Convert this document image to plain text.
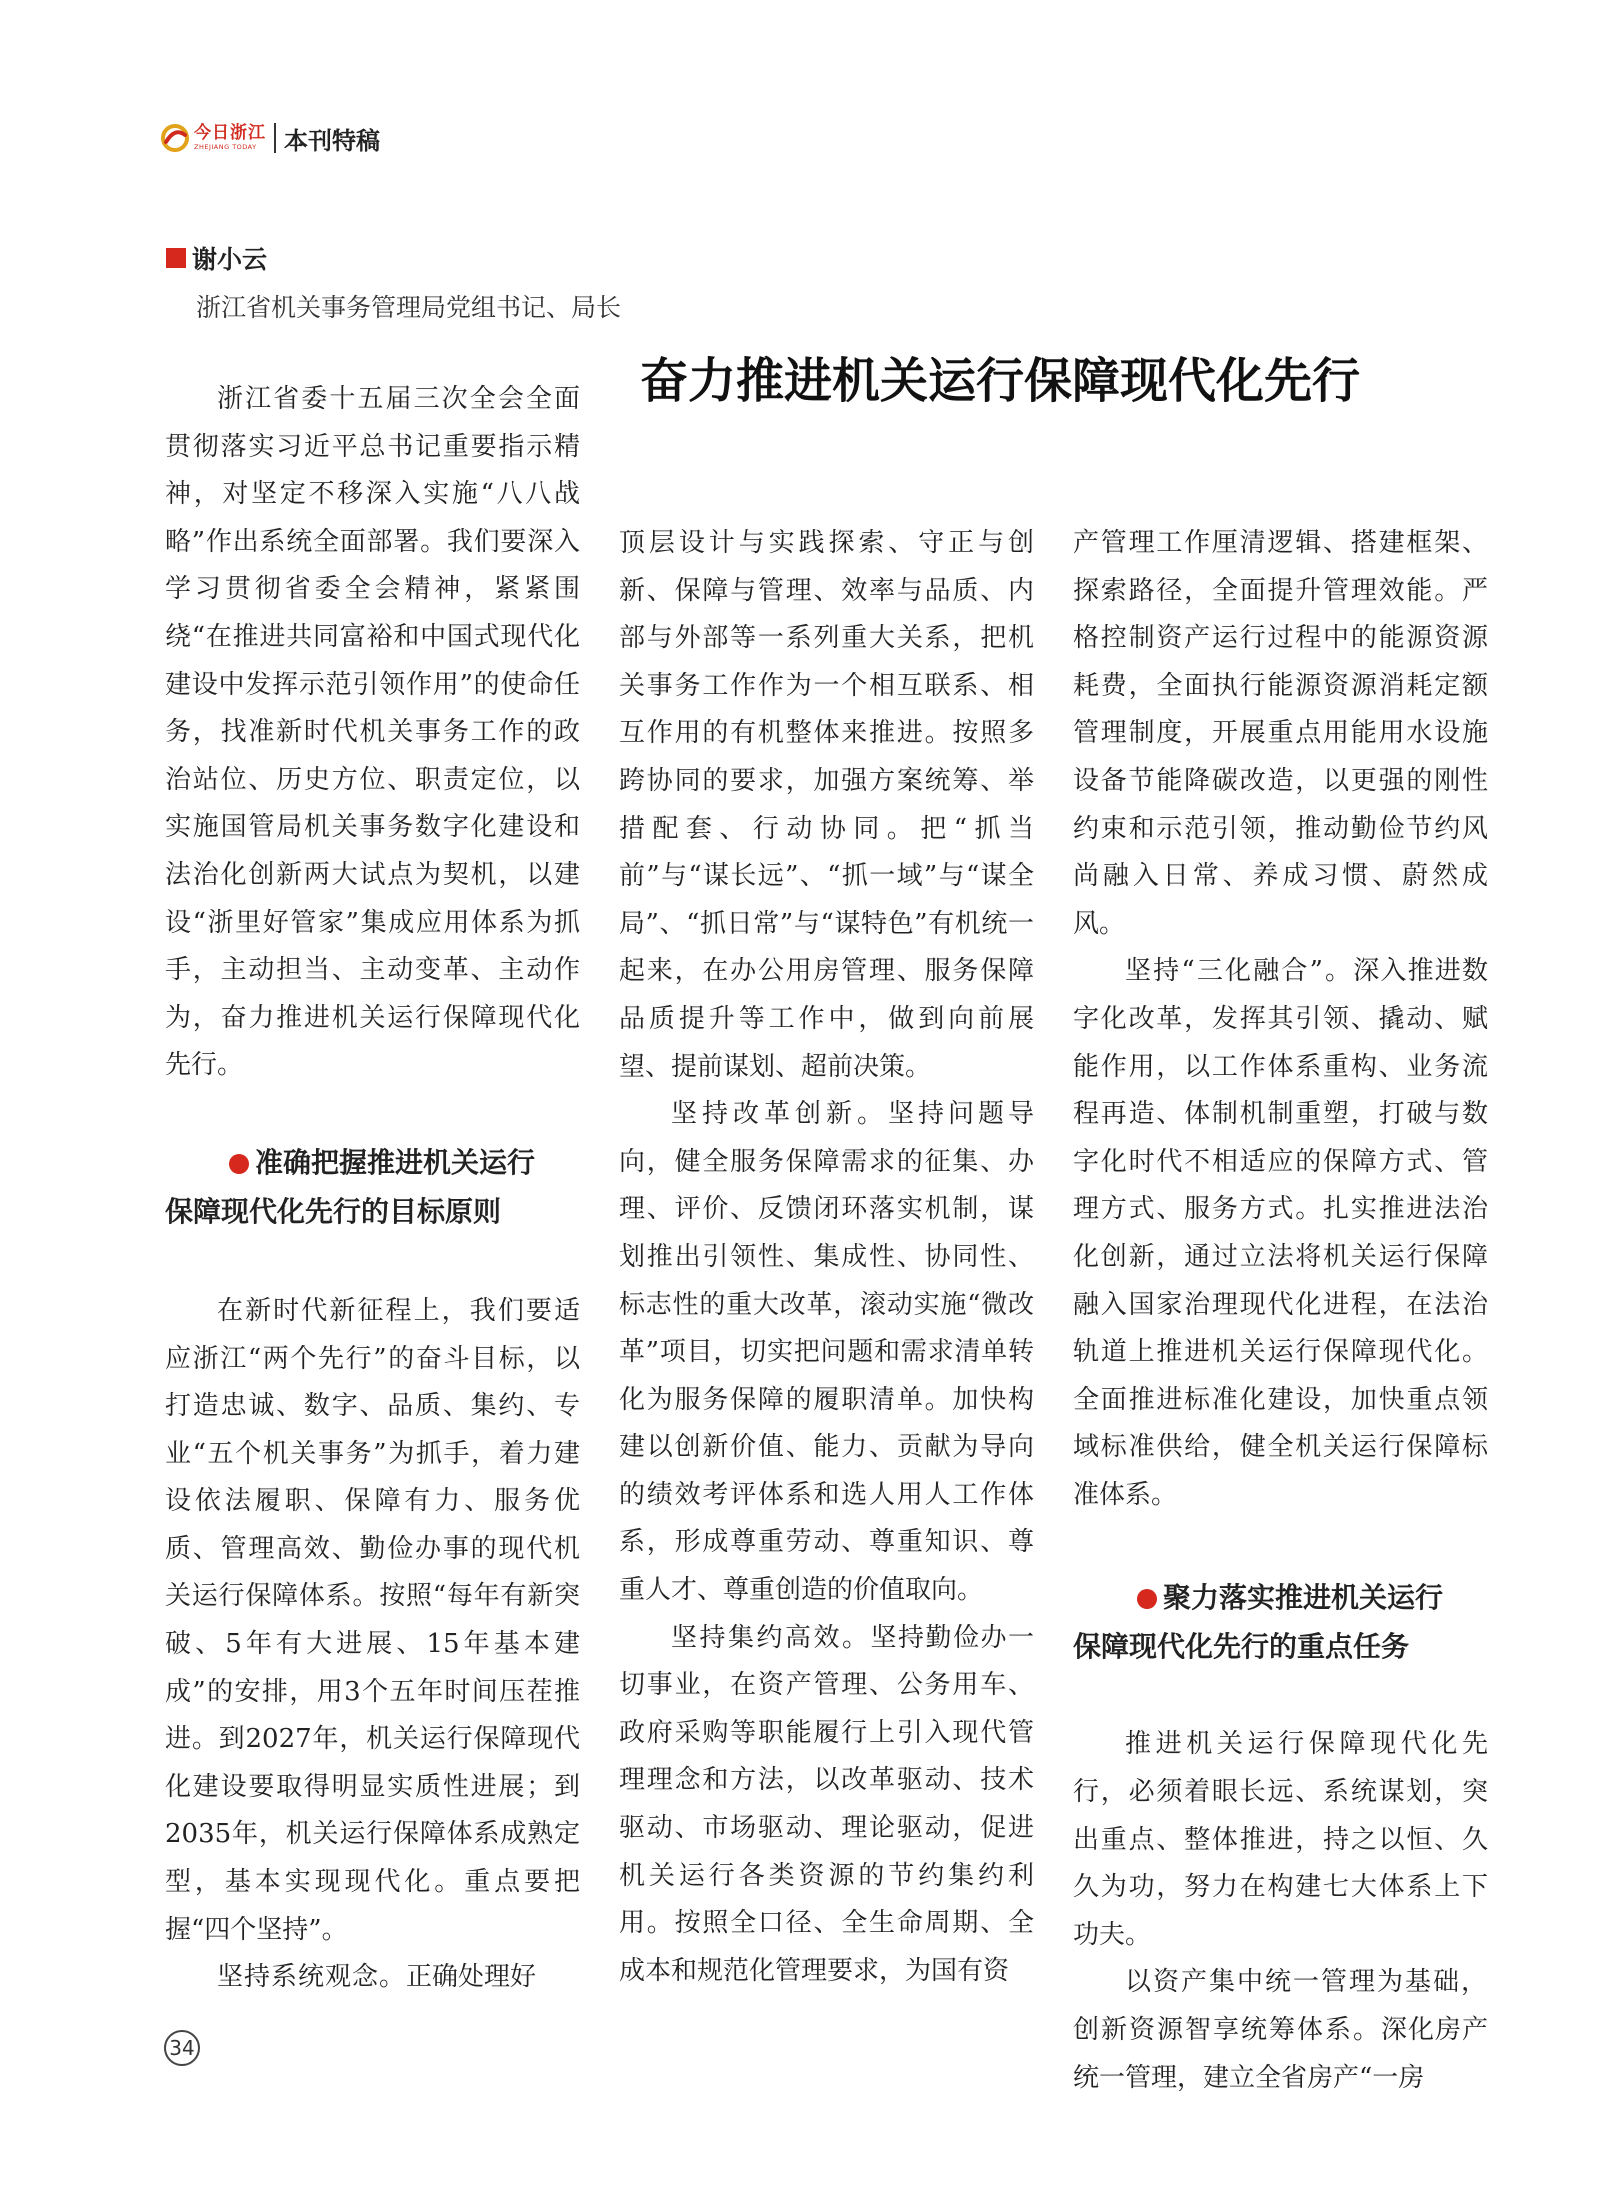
今日浙江
ZHEJIANG TODAY	本刊特稿
谢小云
浙江省机关事务管理局党组书记、局长
奋力推进机关运行保障现代化先行

浙江省委十五届三次全会全面贯彻落实习近平总书记重要指示精神，对坚定不移深入实施“八八战略”作出系统全面部署。我们要深入学习贯彻省委全会精神，紧紧围绕“在推进共同富裕和中国式现代化建设中发挥示范引领作用”的使命任务，找准新时代机关事务工作的政治站位、历史方位、职责定位，以实施国管局机关事务数字化建设和法治化创新两大试点为契机，以建设“浙里好管家”集成应用体系为抓手，主动担当、主动变革、主动作为，奋力推进机关运行保障现代化先行。

准确把握推进机关运行
保障现代化先行的目标原则

在新时代新征程上，我们要适应浙江“两个先行”的奋斗目标，以打造忠诚、数字、品质、集约、专业“五个机关事务”为抓手，着力建设依法履职、保障有力、服务优质、管理高效、勤俭办事的现代机关运行保障体系。按照“每年有新突破、5年有大进展、15年基本建成”的安排，用3个五年时间压茬推进。到2027年，机关运行保障现代化建设要取得明显实质性进展；到2035年，机关运行保障体系成熟定型，基本实现现代化。重点要把握“四个坚持”。

坚持系统观念。正确处理好

顶层设计与实践探索、守正与创新、保障与管理、效率与品质、内部与外部等一系列重大关系，把机关事务工作作为一个相互联系、相互作用的有机整体来推进。按照多跨协同的要求，加强方案统筹、举措配套、行动协同。把“抓当前”与“谋长远”、“抓一域”与“谋全局”、“抓日常”与“谋特色”有机统一起来，在办公用房管理、服务保障品质提升等工作中，做到向前展望、提前谋划、超前决策。

坚持改革创新。坚持问题导向，健全服务保障需求的征集、办理、评价、反馈闭环落实机制，谋划推出引领性、集成性、协同性、标志性的重大改革，滚动实施“微改革”项目，切实把问题和需求清单转化为服务保障的履职清单。加快构建以创新价值、能力、贡献为导向的绩效考评体系和选人用人工作体系，形成尊重劳动、尊重知识、尊重人才、尊重创造的价值取向。

坚持集约高效。坚持勤俭办一切事业，在资产管理、公务用车、政府采购等职能履行上引入现代管理理念和方法，以改革驱动、技术驱动、市场驱动、理论驱动，促进机关运行各类资源的节约集约利用。按照全口径、全生命周期、全成本和规范化管理要求，为国有资

产管理工作厘清逻辑、搭建框架、探索路径，全面提升管理效能。严格控制资产运行过程中的能源资源耗费，全面执行能源资源消耗定额管理制度，开展重点用能用水设施设备节能降碳改造，以更强的刚性约束和示范引领，推动勤俭节约风尚融入日常、养成习惯、蔚然成风。

坚持“三化融合”。深入推进数字化改革，发挥其引领、撬动、赋能作用，以工作体系重构、业务流程再造、体制机制重塑，打破与数字化时代不相适应的保障方式、管理方式、服务方式。扎实推进法治化创新，通过立法将机关运行保障融入国家治理现代化进程，在法治轨道上推进机关运行保障现代化。全面推进标准化建设，加快重点领域标准供给，健全机关运行保障标准体系。

聚力落实推进机关运行
保障现代化先行的重点任务

推进机关运行保障现代化先行，必须着眼长远、系统谋划，突出重点、整体推进，持之以恒、久久为功，努力在构建七大体系上下功夫。

以资产集中统一管理为基础，创新资源智享统筹体系。深化房产统一管理，建立全省房产“一房

34
